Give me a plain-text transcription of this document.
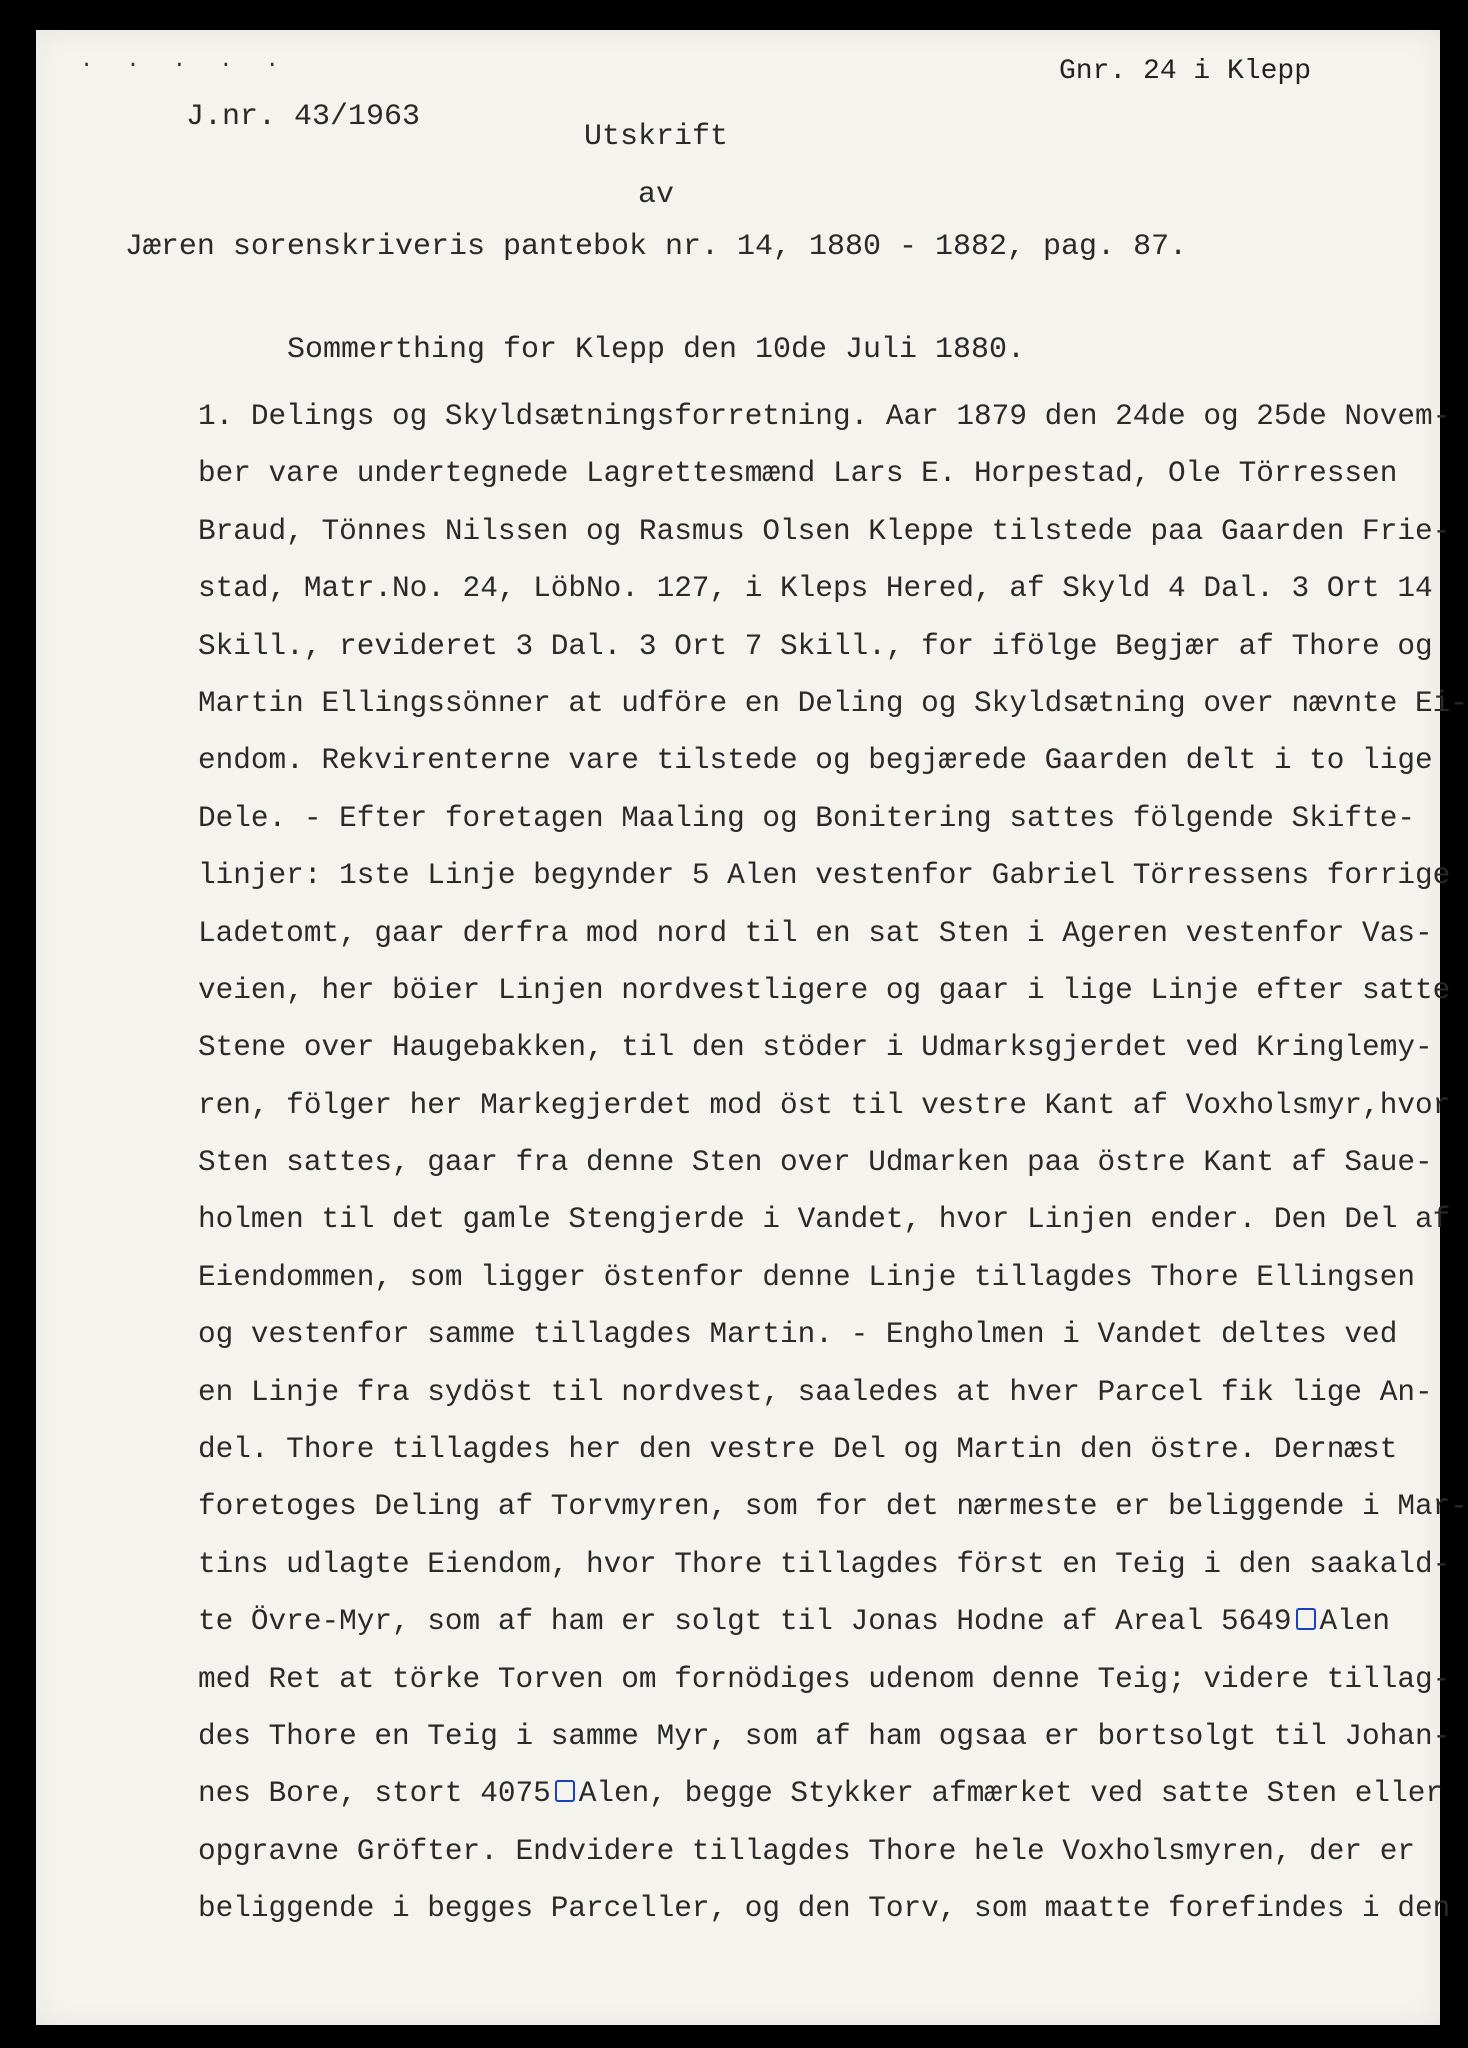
. . . . .	Gnr. 24 i Klepp
J.nr. 43/1963
Utskrift
av
Jæren sorenskriveris pantebok nr. 14, 1880 - 1882, pag. 87.
Sommerthing for Klepp den 10de Juli 1880.
1. Delings og Skyldsætningsforretning. Aar 1879 den 24de og 25de Novem-
ber vare undertegnede Lagrettesmænd Lars E. Horpestad, Ole Törressen
Braud, Tönnes Nilssen og Rasmus Olsen Kleppe tilstede paa Gaarden Frie-
stad, Matr.No. 24, LöbNo. 127, i Kleps Hered, af Skyld 4 Dal. 3 Ort 14
Skill., revideret 3 Dal. 3 Ort 7 Skill., for ifölge Begjær af Thore og
Martin Ellingssönner at udföre en Deling og Skyldsætning over nævnte Ei-
endom. Rekvirenterne vare tilstede og begjærede Gaarden delt i to lige
Dele. - Efter foretagen Maaling og Bonitering sattes fölgende Skifte-
linjer: 1ste Linje begynder 5 Alen vestenfor Gabriel Törressens forrige
Ladetomt, gaar derfra mod nord til en sat Sten i Ageren vestenfor Vas-
veien, her böier Linjen nordvestligere og gaar i lige Linje efter satte
Stene over Haugebakken, til den stöder i Udmarksgjerdet ved Kringlemy-
ren, fölger her Markegjerdet mod öst til vestre Kant af Voxholsmyr,hvor
Sten sattes, gaar fra denne Sten over Udmarken paa östre Kant af Saue-
holmen til det gamle Stengjerde i Vandet, hvor Linjen ender. Den Del af
Eiendommen, som ligger östenfor denne Linje tillagdes Thore Ellingsen
og vestenfor samme tillagdes Martin. - Engholmen i Vandet deltes ved
en Linje fra sydöst til nordvest, saaledes at hver Parcel fik lige An-
del. Thore tillagdes her den vestre Del og Martin den östre. Dernæst
foretoges Deling af Torvmyren, som for det nærmeste er beliggende i Mar-
tins udlagte Eiendom, hvor Thore tillagdes först en Teig i den saakald-
te Övre-Myr, som af ham er solgt til Jonas Hodne af Areal 5649 Alen
med Ret at törke Torven om fornödiges udenom denne Teig; videre tillag-
des Thore en Teig i samme Myr, som af ham ogsaa er bortsolgt til Johan-
nes Bore, stort 4075 Alen, begge Stykker afmærket ved satte Sten eller
opgravne Gröfter. Endvidere tillagdes Thore hele Voxholsmyren, der er
beliggende i begges Parceller, og den Torv, som maatte forefindes i den
